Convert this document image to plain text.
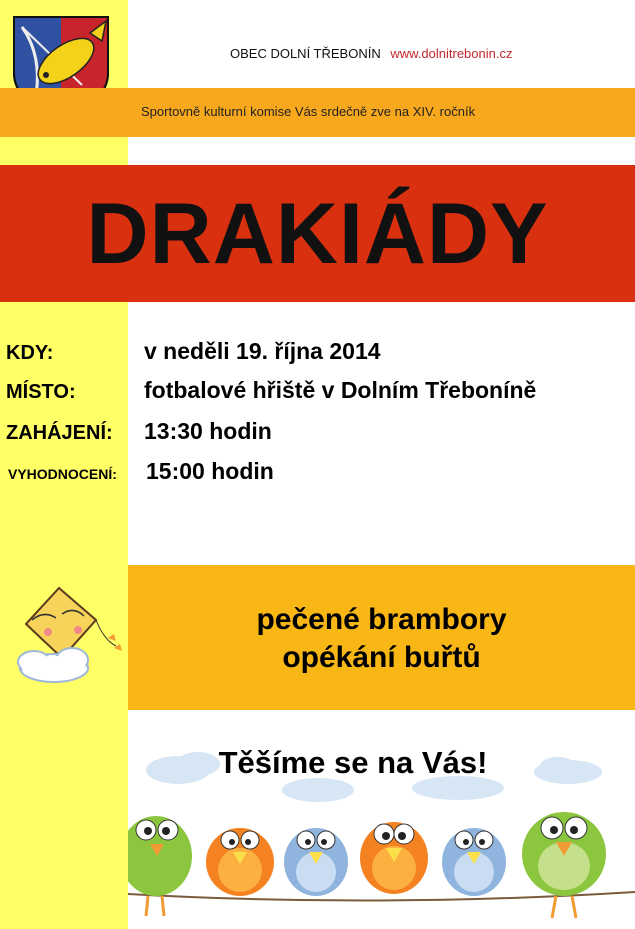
OBEC DOLNÍ TŘEBONÍN www.dolnitrebonin.cz
Sportovně kulturní komise Vás srdečně zve na XIV. ročník
DRAKIÁDY
KDY:	v neděli 19. října 2014
MÍSTO:	fotbalové hřiště v Dolním Třeboníně
ZAHÁJENÍ: 13:30 hodin
VYHODNOCENÍ: 15:00 hodin
pečené brambory
opékání buřtů
Těšíme se na Vás!
